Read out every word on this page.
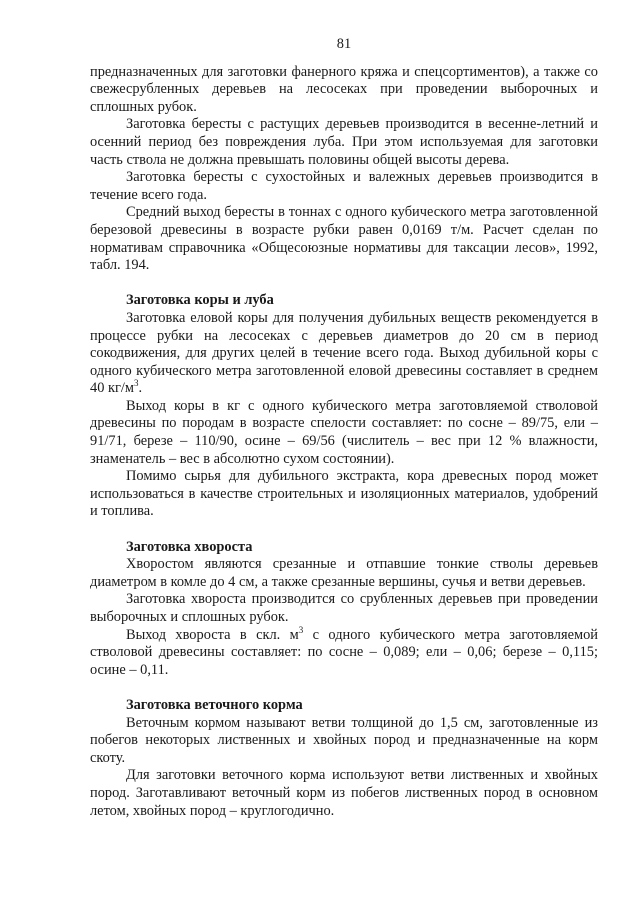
81

предназначенных для заготовки фанерного кряжа и спецсортиментов), а также со свежесрубленных деревьев на лесосеках при проведении выборочных и сплошных рубок.

Заготовка бересты с растущих деревьев производится в весенне-летний и осенний период без повреждения луба. При этом используемая для заготовки часть ствола не должна превышать половины общей высоты дерева.

Заготовка бересты с сухостойных и валежных деревьев производится в течение всего года.

Средний выход бересты в тоннах с одного кубического метра заготовленной березовой древесины в возрасте рубки равен 0,0169 т/м. Расчет сделан по нормативам справочника «Общесоюзные нормативы для таксации лесов», 1992, табл. 194.

Заготовка коры и луба

Заготовка еловой коры для получения дубильных веществ рекомендуется в процессе рубки на лесосеках с деревьев диаметров до 20 см в период сокодвижения, для других целей в течение всего года. Выход дубильной коры с одного кубического метра заготовленной еловой древесины составляет в среднем 40 $кг/м^3$.

Выход коры в кг с одного кубического метра заготовляемой стволовой древесины по породам в возрасте спелости составляет: по сосне – 89/75, ели – 91/71, березе – 110/90, осине – 69/56 (числитель – вес при 12 % влажности, знаменатель – вес в абсолютно сухом состоянии).

Помимо сырья для дубильного экстракта, кора древесных пород может использоваться в качестве строительных и изоляционных материалов, удобрений и топлива.

Заготовка хвороста

Хворостом являются срезанные и отпавшие тонкие стволы деревьев диаметром в комле до 4 см, а также срезанные вершины, сучья и ветви деревьев.

Заготовка хвороста производится со срубленных деревьев при проведении выборочных и сплошных рубок.

Выход хвороста в скл. $м^3$ с одного кубического метра заготовляемой стволовой древесины составляет: по сосне – 0,089; ели – 0,06; березе – 0,115; осине – 0,11.

Заготовка веточного корма

Веточным кормом называют ветви толщиной до 1,5 см, заготовленные из побегов некоторых лиственных и хвойных пород и предназначенные на корм скоту.

Для заготовки веточного корма используют ветви лиственных и хвойных пород. Заготавливают веточный корм из побегов лиственных пород в основном летом, хвойных пород – круглогодично.
